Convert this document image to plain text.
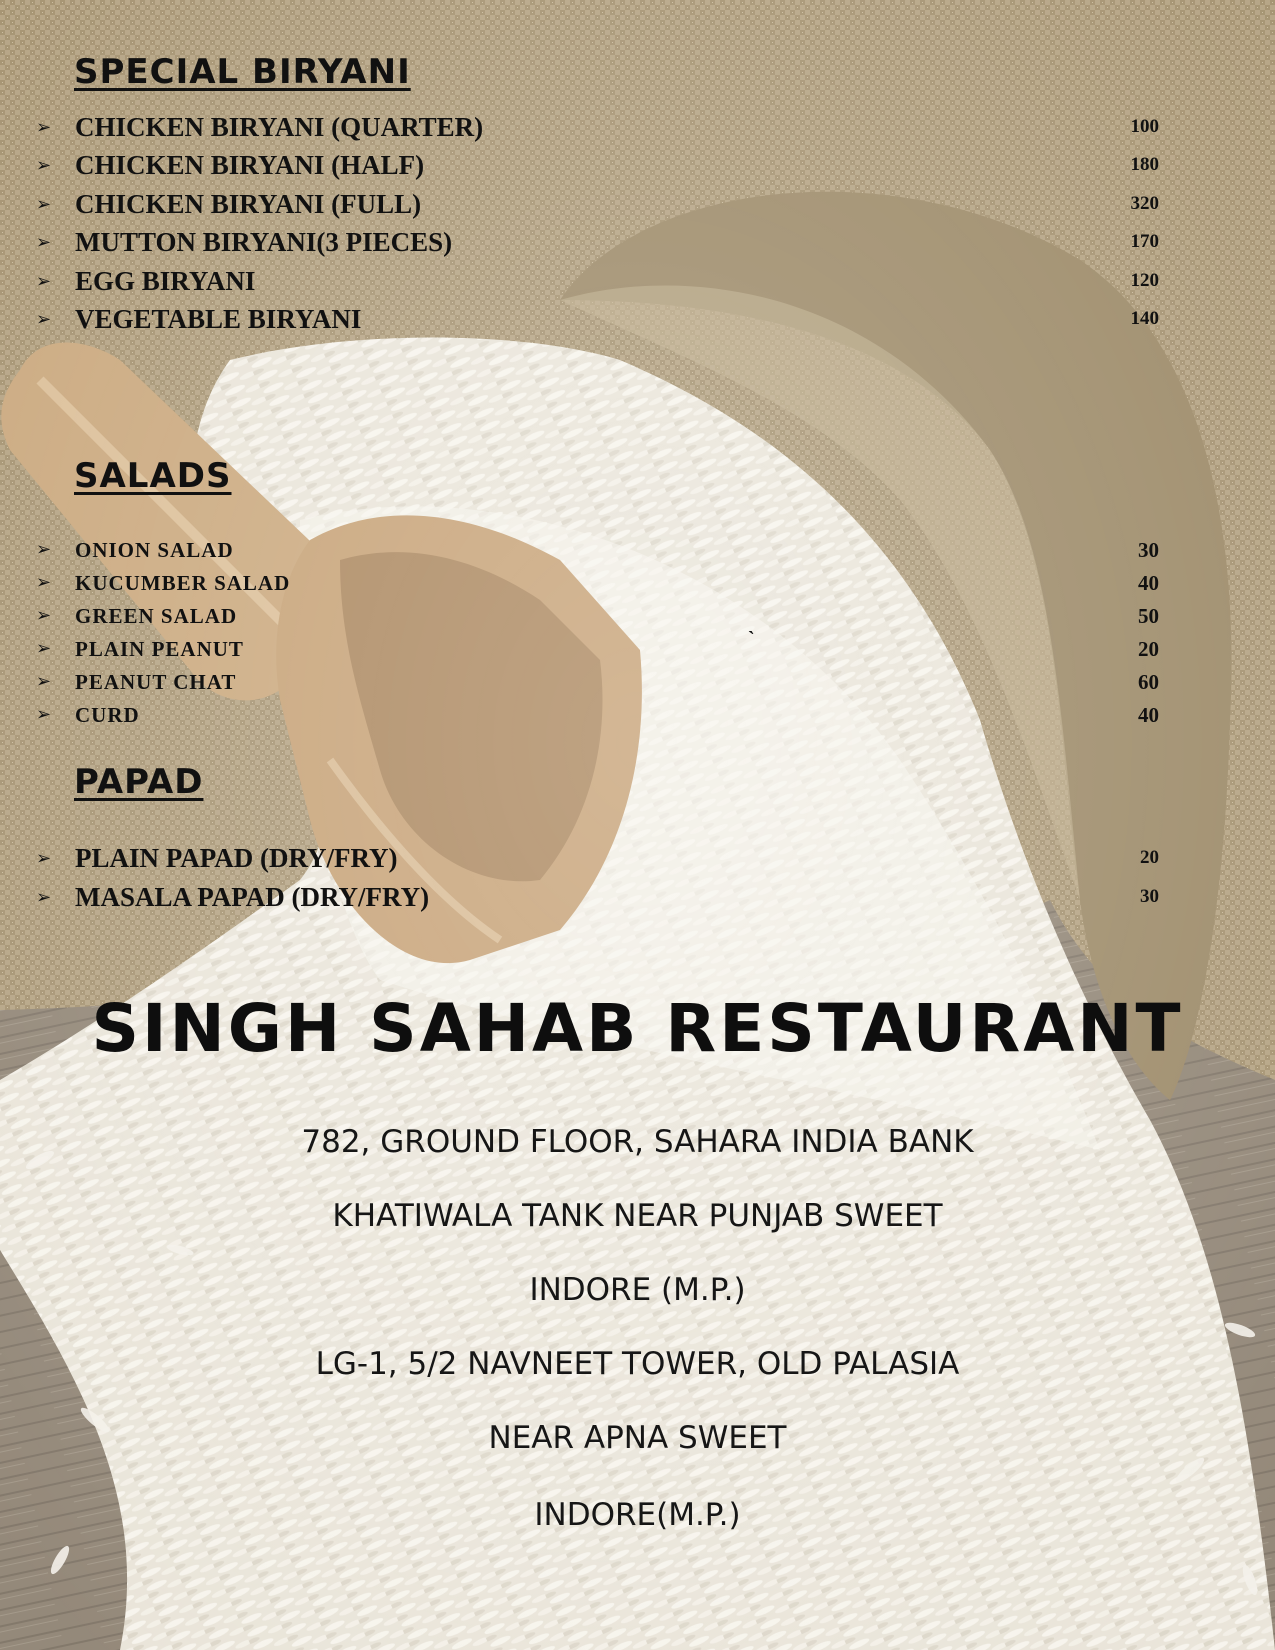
SPECIAL BIRYANI
➢ CHICKEN BIRYANI (QUARTER)	100
➢ CHICKEN BIRYANI (HALF)	180
➢ CHICKEN BIRYANI (FULL)	320
➢ MUTTON BIRYANI(3 PIECES)	170
➢ EGG BIRYANI	120
➢ VEGETABLE BIRYANI	140
SALADS
➢ ONION SALAD	30
➢ KUCUMBER SALAD	40
➢ GREEN SALAD	50
➢ PLAIN PEANUT	20
➢ PEANUT CHAT	60
➢ CURD	40
`
PAPAD
➢ PLAIN PAPAD (DRY/FRY)	20
➢ MASALA PAPAD (DRY/FRY)	30
SINGH SAHAB RESTAURANT
782, GROUND FLOOR, SAHARA INDIA BANK
KHATIWALA TANK NEAR PUNJAB SWEET
INDORE (M.P.)
LG-1, 5/2 NAVNEET TOWER, OLD PALASIA
NEAR APNA SWEET
INDORE(M.P.)
